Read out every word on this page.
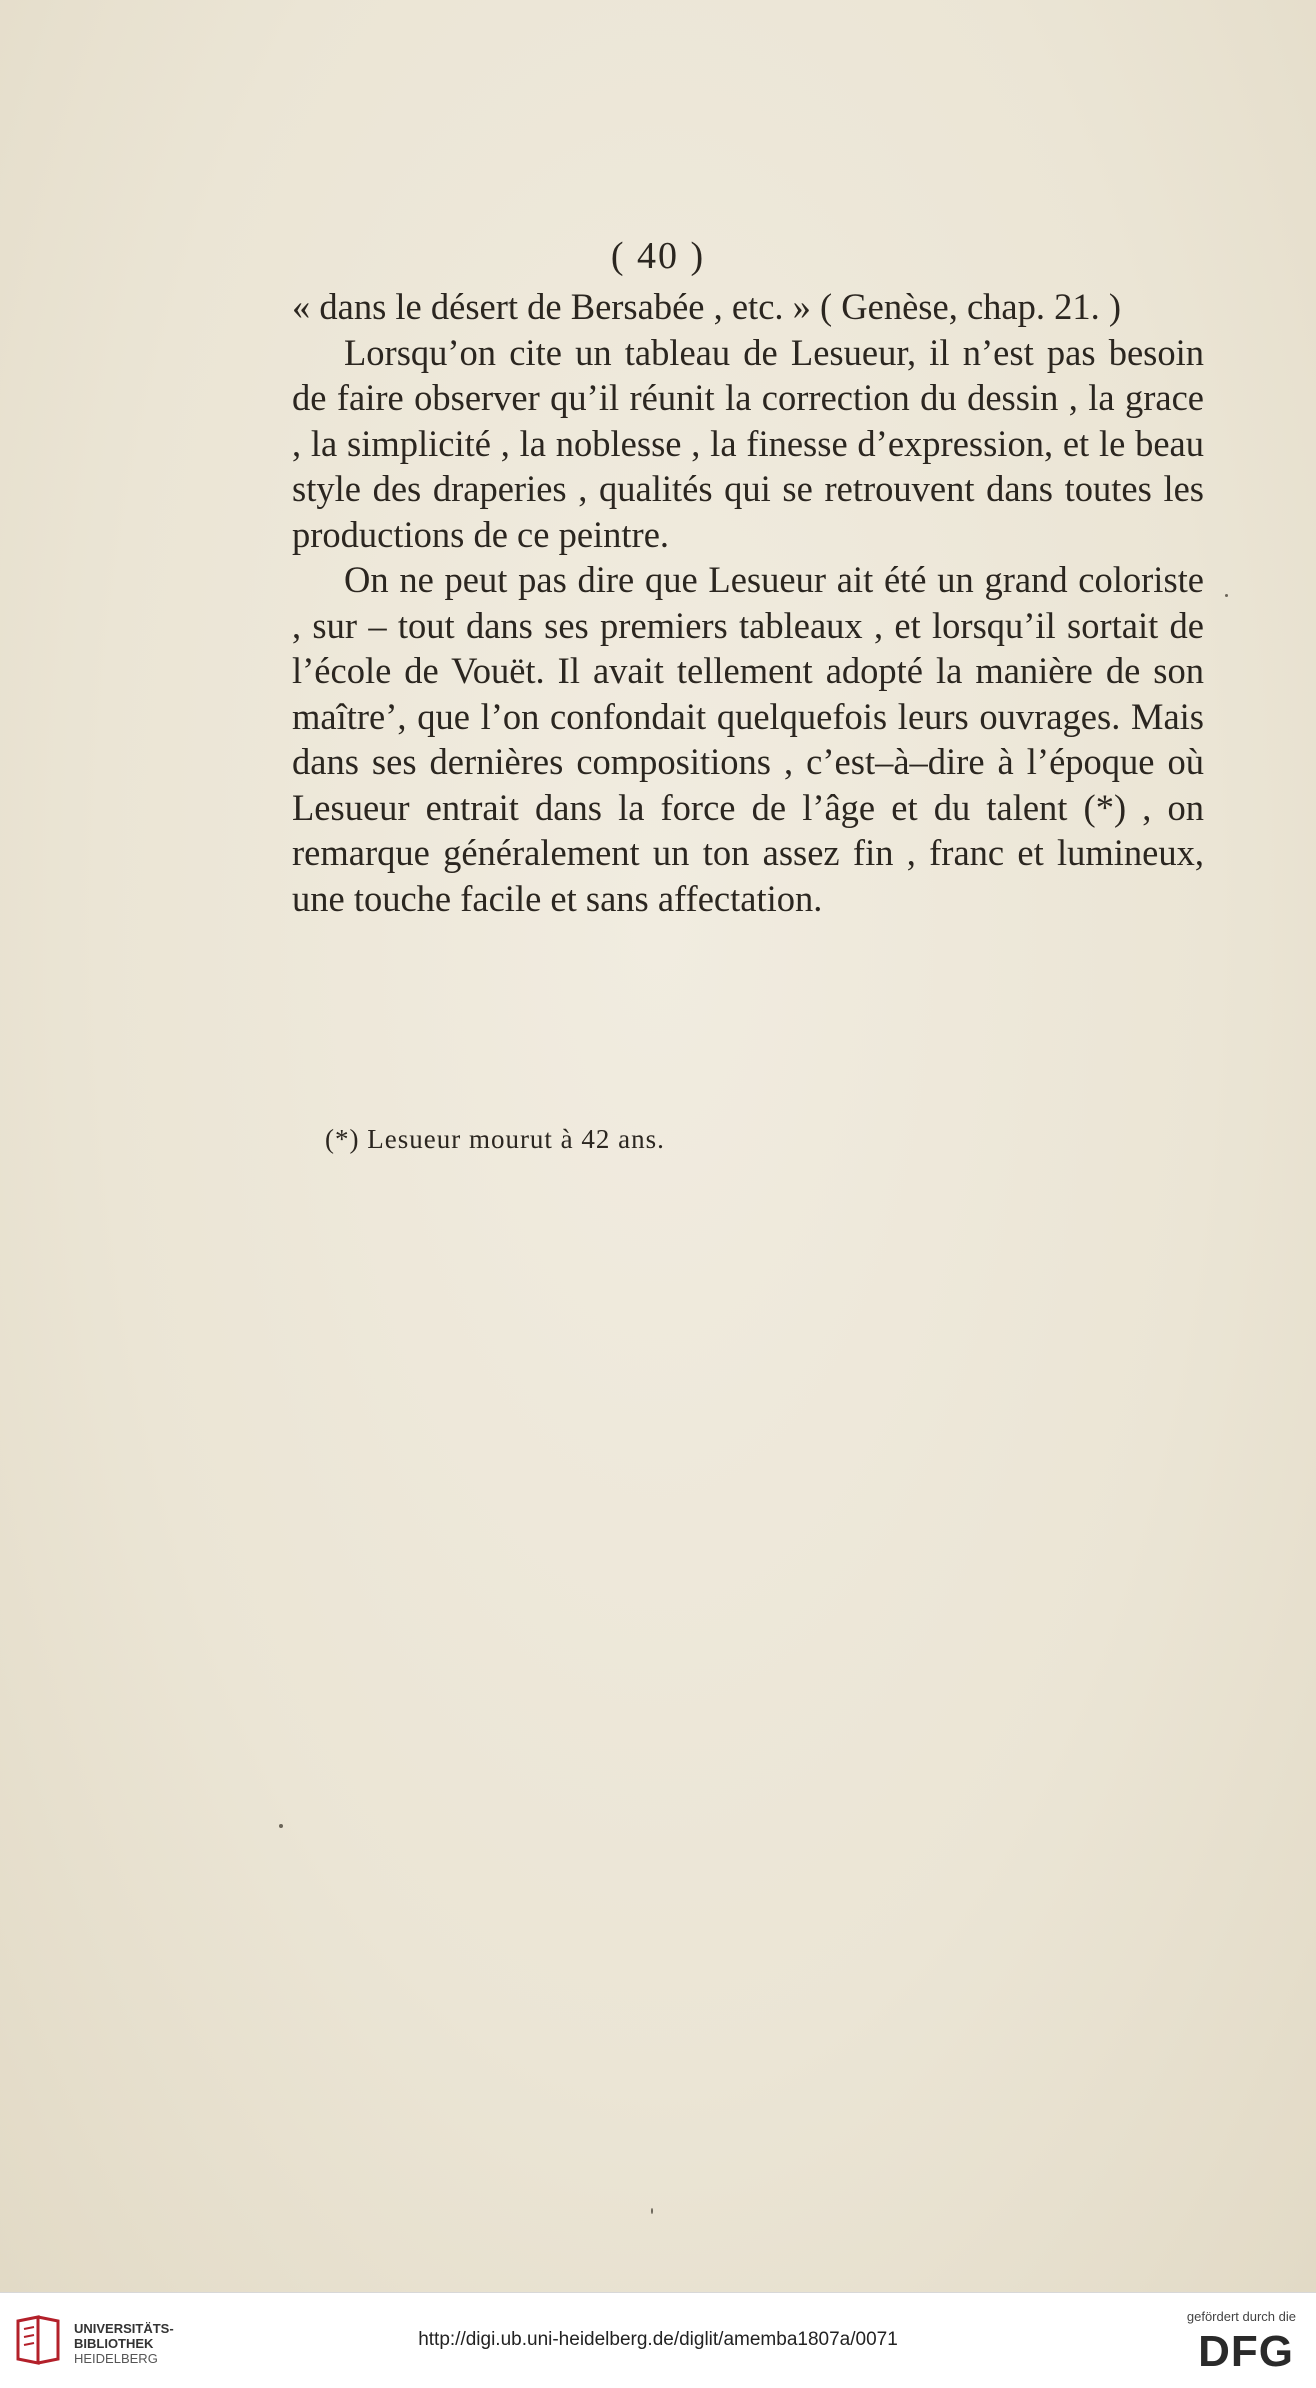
( 40 )

« dans le désert de Bersabée , etc. » ( Genèse, chap. 21. )

Lorsqu’on cite un tableau de Lesueur, il n’est pas besoin de faire observer qu’il réunit la correction du dessin , la grace , la simplicité , la noblesse , la finesse d’expression, et le beau style des draperies , qualités qui se retrouvent dans toutes les productions de ce peintre.

On ne peut pas dire que Lesueur ait été un grand coloriste , sur – tout dans ses premiers tableaux , et lorsqu’il sortait de l’école de Vouët. Il avait tellement adopté la manière de son maître’, que l’on confondait quelquefois leurs ouvrages. Mais dans ses dernières compositions , c’est–à–dire à l’époque où Lesueur entrait dans la force de l’âge et du talent (*) , on remarque généralement un ton assez fin , franc et lumineux, une touche facile et sans affectation.

(*) Lesueur mourut à 42 ans.
UNIVERSITÄTS-
BIBLIOTHEK
HEIDELBERG
http://digi.ub.uni-heidelberg.de/diglit/amemba1807a/0071
gefördert durch die
DFG
